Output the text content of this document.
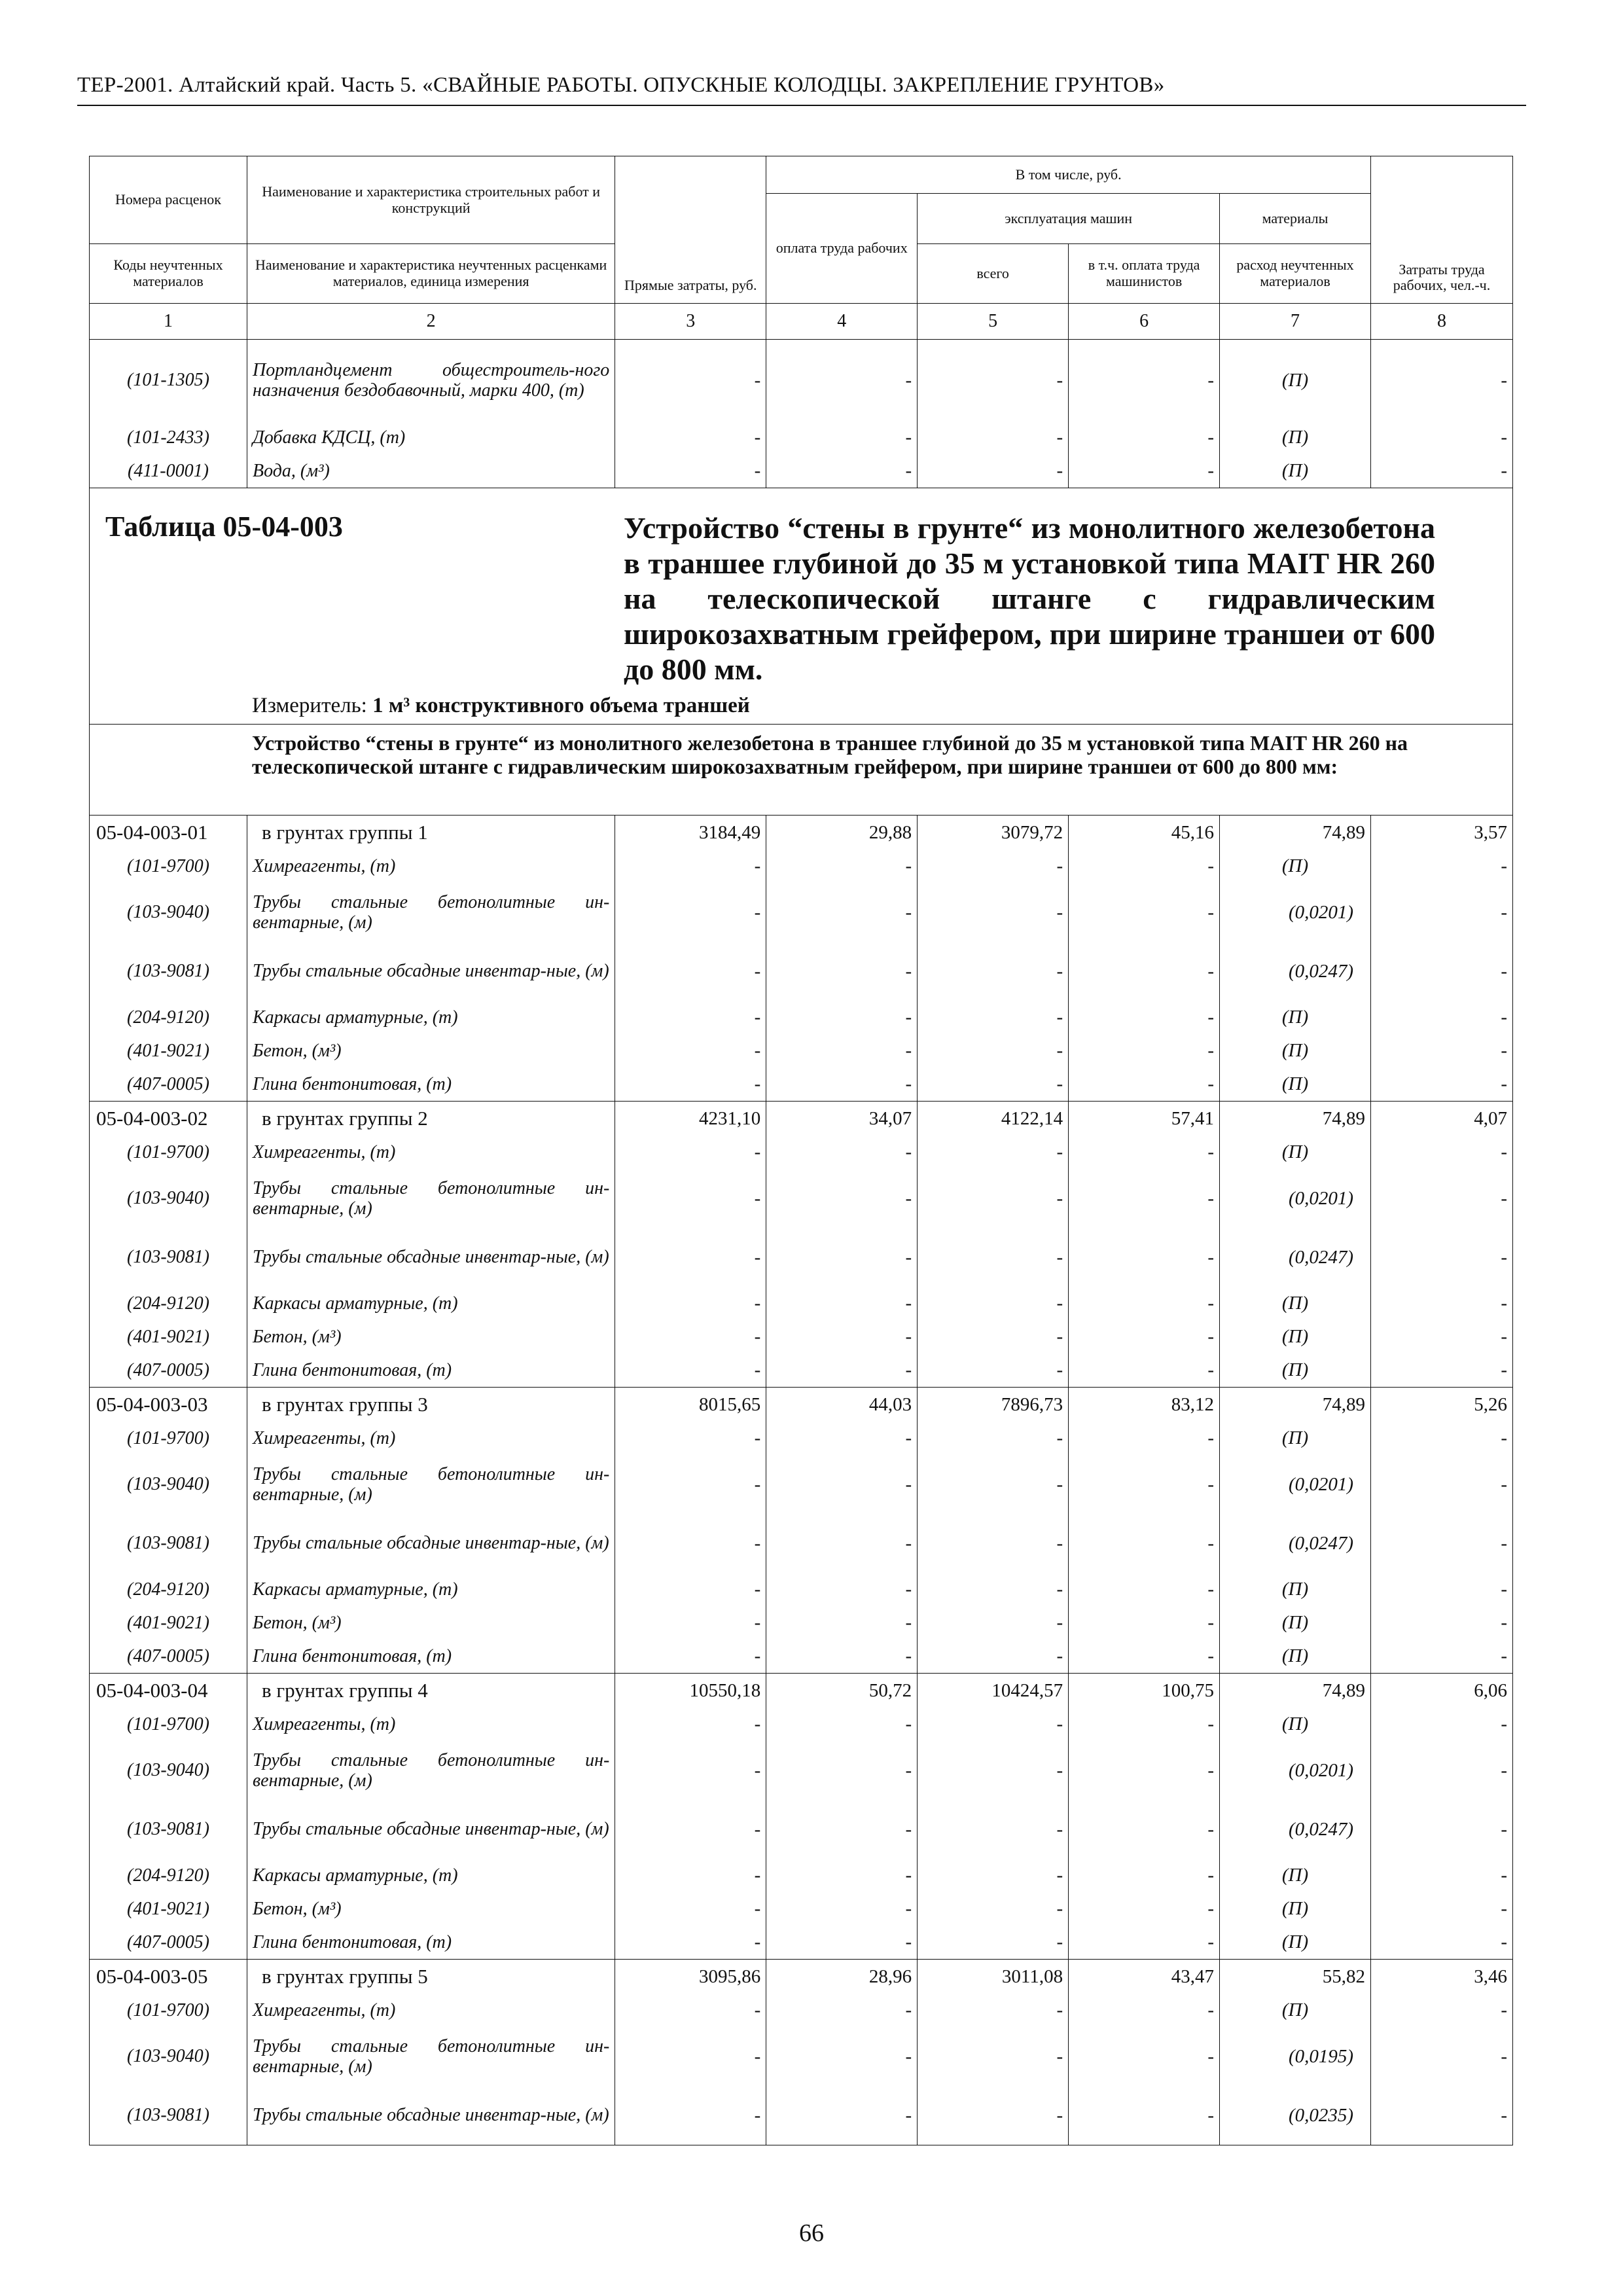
ТЕР-2001. Алтайский край. Часть 5. «СВАЙНЫЕ РАБОТЫ. ОПУСКНЫЕ КОЛОДЦЫ. ЗАКРЕПЛЕНИЕ ГРУНТОВ»
Номера расценок	Наименование и характеристика строительных работ и конструкций	Прямые затраты, руб.	В том числе, руб.				Затраты труда рабочих, чел.-ч.
			оплата труда рабочих	эксплуатация машин		материалы	
Коды неучтенных материалов	Наименование и характеристика неучтенных расценками материалов, единица измерения			всего	в т.ч. оплата труда машинистов	расход неучтенных материалов	
1	2	3	4	5	6	7	8
(101-1305)	Портландцемент общестроитель-ного назначения бездобавочный, марки 400, (т)	-	-	-	-	(П)	-
(101-2433)	Добавка КДСЦ, (т)	-	-	-	-	(П)	-
(411-0001)	Вода, (м³)	-	-	-	-	(П)	-

Таблица 05-04-003 Устройство “стены в грунте“ из монолитного железобетона в траншее глубиной до 35 м установкой типа MAIT HR 260 на телескопической штанге с гидравлическим широкозахватным грейфером, при ширине траншеи от 600 до 800 мм.
Измеритель: 1 м³ конструктивного объема траншей							

Устройство “стены в грунте“ из монолитного железобетона в траншее глубиной до 35 м установкой типа MAIT HR 260 на телескопической штанге с гидравлическим широкозахватным грейфером, при ширине траншеи от 600 до 800 мм:							
05-04-003-01	в грунтах группы 1	3184,49	29,88	3079,72	45,16	74,89	3,57
(101-9700)	Химреагенты, (т)	-	-	-	-	(П)	-
(103-9040)	Трубы стальные бетонолитные ин-вентарные, (м)	-	-	-	-	(0,0201)	-
(103-9081)	Трубы стальные обсадные инвентар-ные, (м)	-	-	-	-	(0,0247)	-
(204-9120)	Каркасы арматурные, (т)	-	-	-	-	(П)	-
(401-9021)	Бетон, (м³)	-	-	-	-	(П)	-
(407-0005)	Глина бентонитовая, (т)	-	-	-	-	(П)	-
05-04-003-02	в грунтах группы 2	4231,10	34,07	4122,14	57,41	74,89	4,07
(101-9700)	Химреагенты, (т)	-	-	-	-	(П)	-
(103-9040)	Трубы стальные бетонолитные ин-вентарные, (м)	-	-	-	-	(0,0201)	-
(103-9081)	Трубы стальные обсадные инвентар-ные, (м)	-	-	-	-	(0,0247)	-
(204-9120)	Каркасы арматурные, (т)	-	-	-	-	(П)	-
(401-9021)	Бетон, (м³)	-	-	-	-	(П)	-
(407-0005)	Глина бентонитовая, (т)	-	-	-	-	(П)	-
05-04-003-03	в грунтах группы 3	8015,65	44,03	7896,73	83,12	74,89	5,26
(101-9700)	Химреагенты, (т)	-	-	-	-	(П)	-
(103-9040)	Трубы стальные бетонолитные ин-вентарные, (м)	-	-	-	-	(0,0201)	-
(103-9081)	Трубы стальные обсадные инвентар-ные, (м)	-	-	-	-	(0,0247)	-
(204-9120)	Каркасы арматурные, (т)	-	-	-	-	(П)	-
(401-9021)	Бетон, (м³)	-	-	-	-	(П)	-
(407-0005)	Глина бентонитовая, (т)	-	-	-	-	(П)	-
05-04-003-04	в грунтах группы 4	10550,18	50,72	10424,57	100,75	74,89	6,06
(101-9700)	Химреагенты, (т)	-	-	-	-	(П)	-
(103-9040)	Трубы стальные бетонолитные ин-вентарные, (м)	-	-	-	-	(0,0201)	-
(103-9081)	Трубы стальные обсадные инвентар-ные, (м)	-	-	-	-	(0,0247)	-
(204-9120)	Каркасы арматурные, (т)	-	-	-	-	(П)	-
(401-9021)	Бетон, (м³)	-	-	-	-	(П)	-
(407-0005)	Глина бентонитовая, (т)	-	-	-	-	(П)	-
05-04-003-05	в грунтах группы 5	3095,86	28,96	3011,08	43,47	55,82	3,46
(101-9700)	Химреагенты, (т)	-	-	-	-	(П)	-
(103-9040)	Трубы стальные бетонолитные ин-вентарные, (м)	-	-	-	-	(0,0195)	-
(103-9081)	Трубы стальные обсадные инвентар-ные, (м)	-	-	-	-	(0,0235)	-
66
